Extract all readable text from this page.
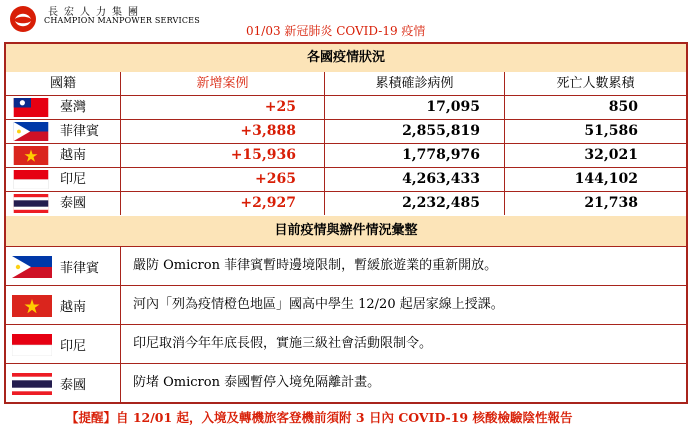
長宏人力集團
CHAMPION MANPOWER SERVICES
01/03 新冠肺炎 COVID-19 疫情
各國疫情狀況
國籍	新增案例	累積確診病例	死亡人數累積
臺灣	+25	17,095	850
菲律賓	+3,888	2,855,819	51,586
越南	+15,936	1,778,976	32,021
印尼	+265	4,263,433	144,102
泰國	+2,927	2,232,485	21,738
目前疫情與辦件情況彙整
菲律賓	嚴防 Omicron 菲律賓暫時邊境限制，暫緩旅遊業的重新開放。
越南	河內「列為疫情橙色地區」國高中學生 12/20 起居家線上授課。
印尼	印尼取消今年年底長假，實施三級社會活動限制令。
泰國	防堵 Omicron 泰國暫停入境免隔離計畫。
【提醒】自 12/01 起，入境及轉機旅客登機前須附 3 日內 COVID-19 核酸檢驗陰性報告
